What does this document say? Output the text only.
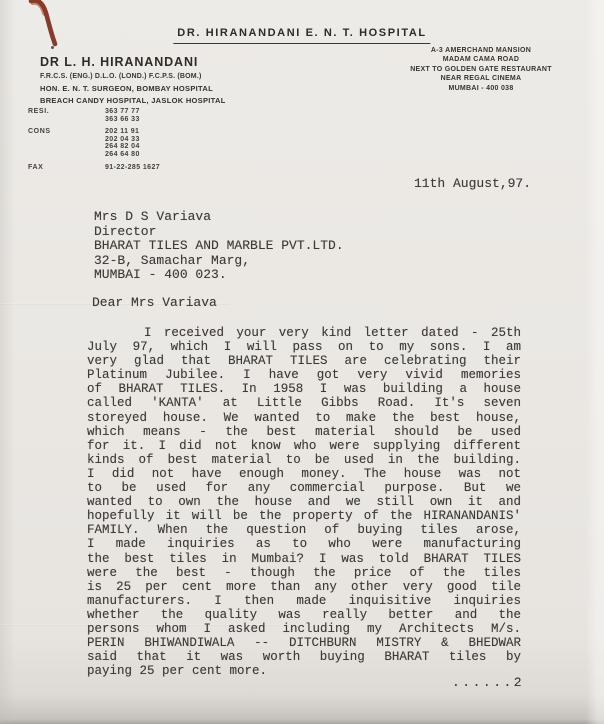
DR. HIRANANDANI E. N. T. HOSPITAL
DR L. H. HIRANANDANI
F.R.C.S. (ENG.) D.L.O. (LOND.) F.C.P.S. (BOM.)
HON. E. N. T. SURGEON, BOMBAY HOSPITAL
BREACH CANDY HOSPITAL, JASLOK HOSPITAL
RESI.	363 77 77
363 66 33
CONS	202 11 91
202 04 33
264 82 04
264 64 80
FAX	91-22-285 1627
A-3 AMERCHAND MANSION
MADAM CAMA ROAD
NEXT TO GOLDEN GATE RESTAURANT
NEAR REGAL CINEMA
MUMBAI - 400 038
11th August,97.
Mrs D S Variava
Director
BHARAT TILES AND MARBLE PVT.LTD.
32-B, Samachar Marg,
MUMBAI - 400 023.
Dear Mrs Variava
I received your very kind letter dated - 25th
July 97, which I will pass on to my sons. I am
very glad that BHARAT TILES are celebrating their
Platinum Jubilee. I have got very vivid memories
of BHARAT TILES. In 1958 I was building a house
called 'KANTA' at Little Gibbs Road. It's seven
storeyed house. We wanted to make the best house,
which means - the best material should be used
for it. I did not know who were supplying different
kinds of best material to be used in the building.
I did not have enough money. The house was not
to be used for any commercial purpose. But we
wanted to own the house and we still own it and
hopefully it will be the property of the HIRANANDANIS'
FAMILY. When the question of buying tiles arose,
I made inquiries as to who were manufacturing
the best tiles in Mumbai? I was told BHARAT TILES
were the best - though the price of the tiles
is 25 per cent more than any other very good tile
manufacturers. I then made inquisitive inquiries
whether the quality was really better and the
persons whom I asked including my Architects M/s.
PERIN BHIWANDIWALA -- DITCHBURN MISTRY & BHEDWAR
said that it was worth buying BHARAT tiles by
paying 25 per cent more.
......2
